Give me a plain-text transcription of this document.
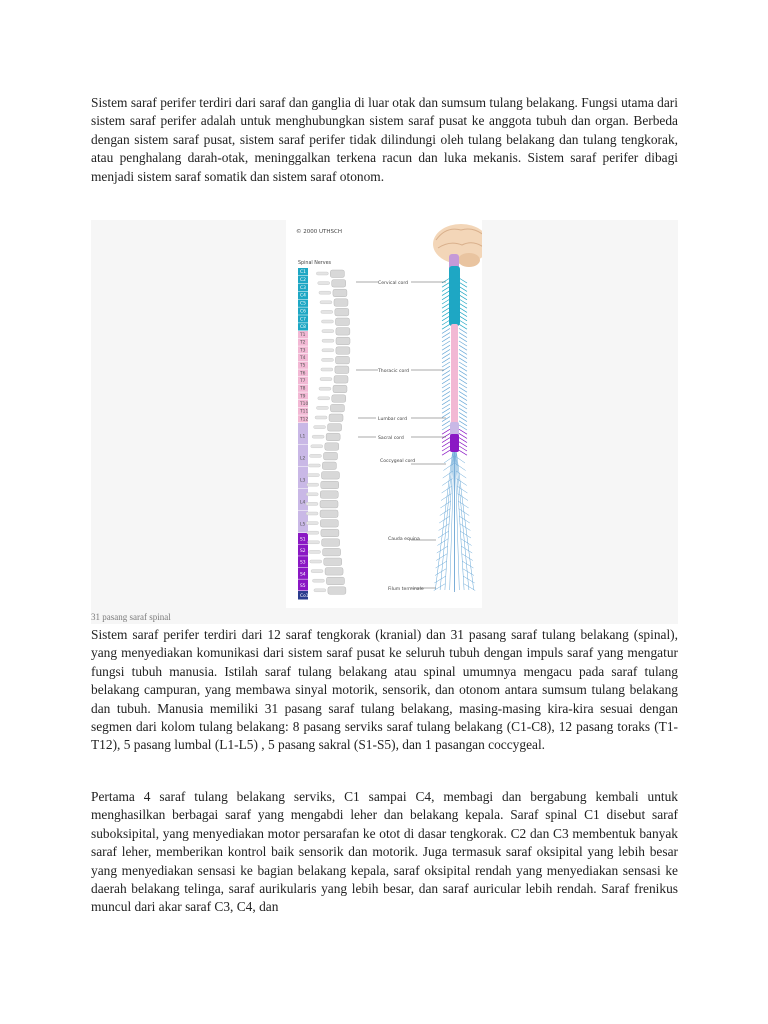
Sistem saraf perifer terdiri dari saraf dan ganglia di luar otak dan sumsum tulang belakang. Fungsi utama dari sistem saraf perifer adalah untuk menghubungkan sistem saraf pusat ke anggota tubuh dan organ. Berbeda dengan sistem saraf pusat, sistem saraf perifer tidak dilindungi oleh tulang belakang dan tulang tengkorak, atau penghalang darah-otak, meninggalkan terkena racun dan luka mekanis. Sistem saraf perifer dibagi menjadi sistem saraf somatik dan sistem saraf otonom.

© 2000 UTHSCH
Spinal Nerves
C1
C2
C3
C4
C5
C6
C7
C8
T1
T2
T3
T4
T5
T6
T7
T8
T9
T10
T11
T12
L1
L2
L3
L4
L5
S1
S2
S3
S4
S5
Co1
Cervical cord
Thoracic cord
Lumbar cord
Sacral cord
Coccygeal cord
Cauda equina
Filum terminale
31 pasang saraf spinal

Sistem saraf perifer terdiri dari 12 saraf tengkorak (kranial) dan 31 pasang saraf tulang belakang (spinal), yang menyediakan komunikasi dari sistem saraf pusat ke seluruh tubuh dengan impuls saraf yang mengatur fungsi tubuh manusia. Istilah saraf tulang belakang atau spinal umumnya mengacu pada saraf tulang belakang campuran, yang membawa sinyal motorik, sensorik, dan otonom antara sumsum tulang belakang dan tubuh. Manusia memiliki 31 pasang saraf tulang belakang, masing-masing kira-kira sesuai dengan segmen dari kolom tulang belakang: 8 pasang serviks saraf tulang belakang (C1-C8), 12 pasang toraks (T1-T12), 5 pasang lumbal (L1-L5) , 5 pasang sakral (S1-S5), dan 1 pasangan coccygeal.

Pertama 4 saraf tulang belakang serviks, C1 sampai C4, membagi dan bergabung kembali untuk menghasilkan berbagai saraf yang mengabdi leher dan belakang kepala. Saraf spinal C1 disebut saraf suboksipital, yang menyediakan motor persarafan ke otot di dasar tengkorak. C2 dan C3 membentuk banyak saraf leher, memberikan kontrol baik sensorik dan motorik. Juga termasuk saraf oksipital yang lebih besar yang menyediakan sensasi ke bagian belakang kepala, saraf oksipital rendah yang menyediakan sensasi ke daerah belakang telinga, saraf aurikularis yang lebih besar, dan saraf auricular lebih rendah. Saraf frenikus muncul dari akar saraf C3, C4, dan
